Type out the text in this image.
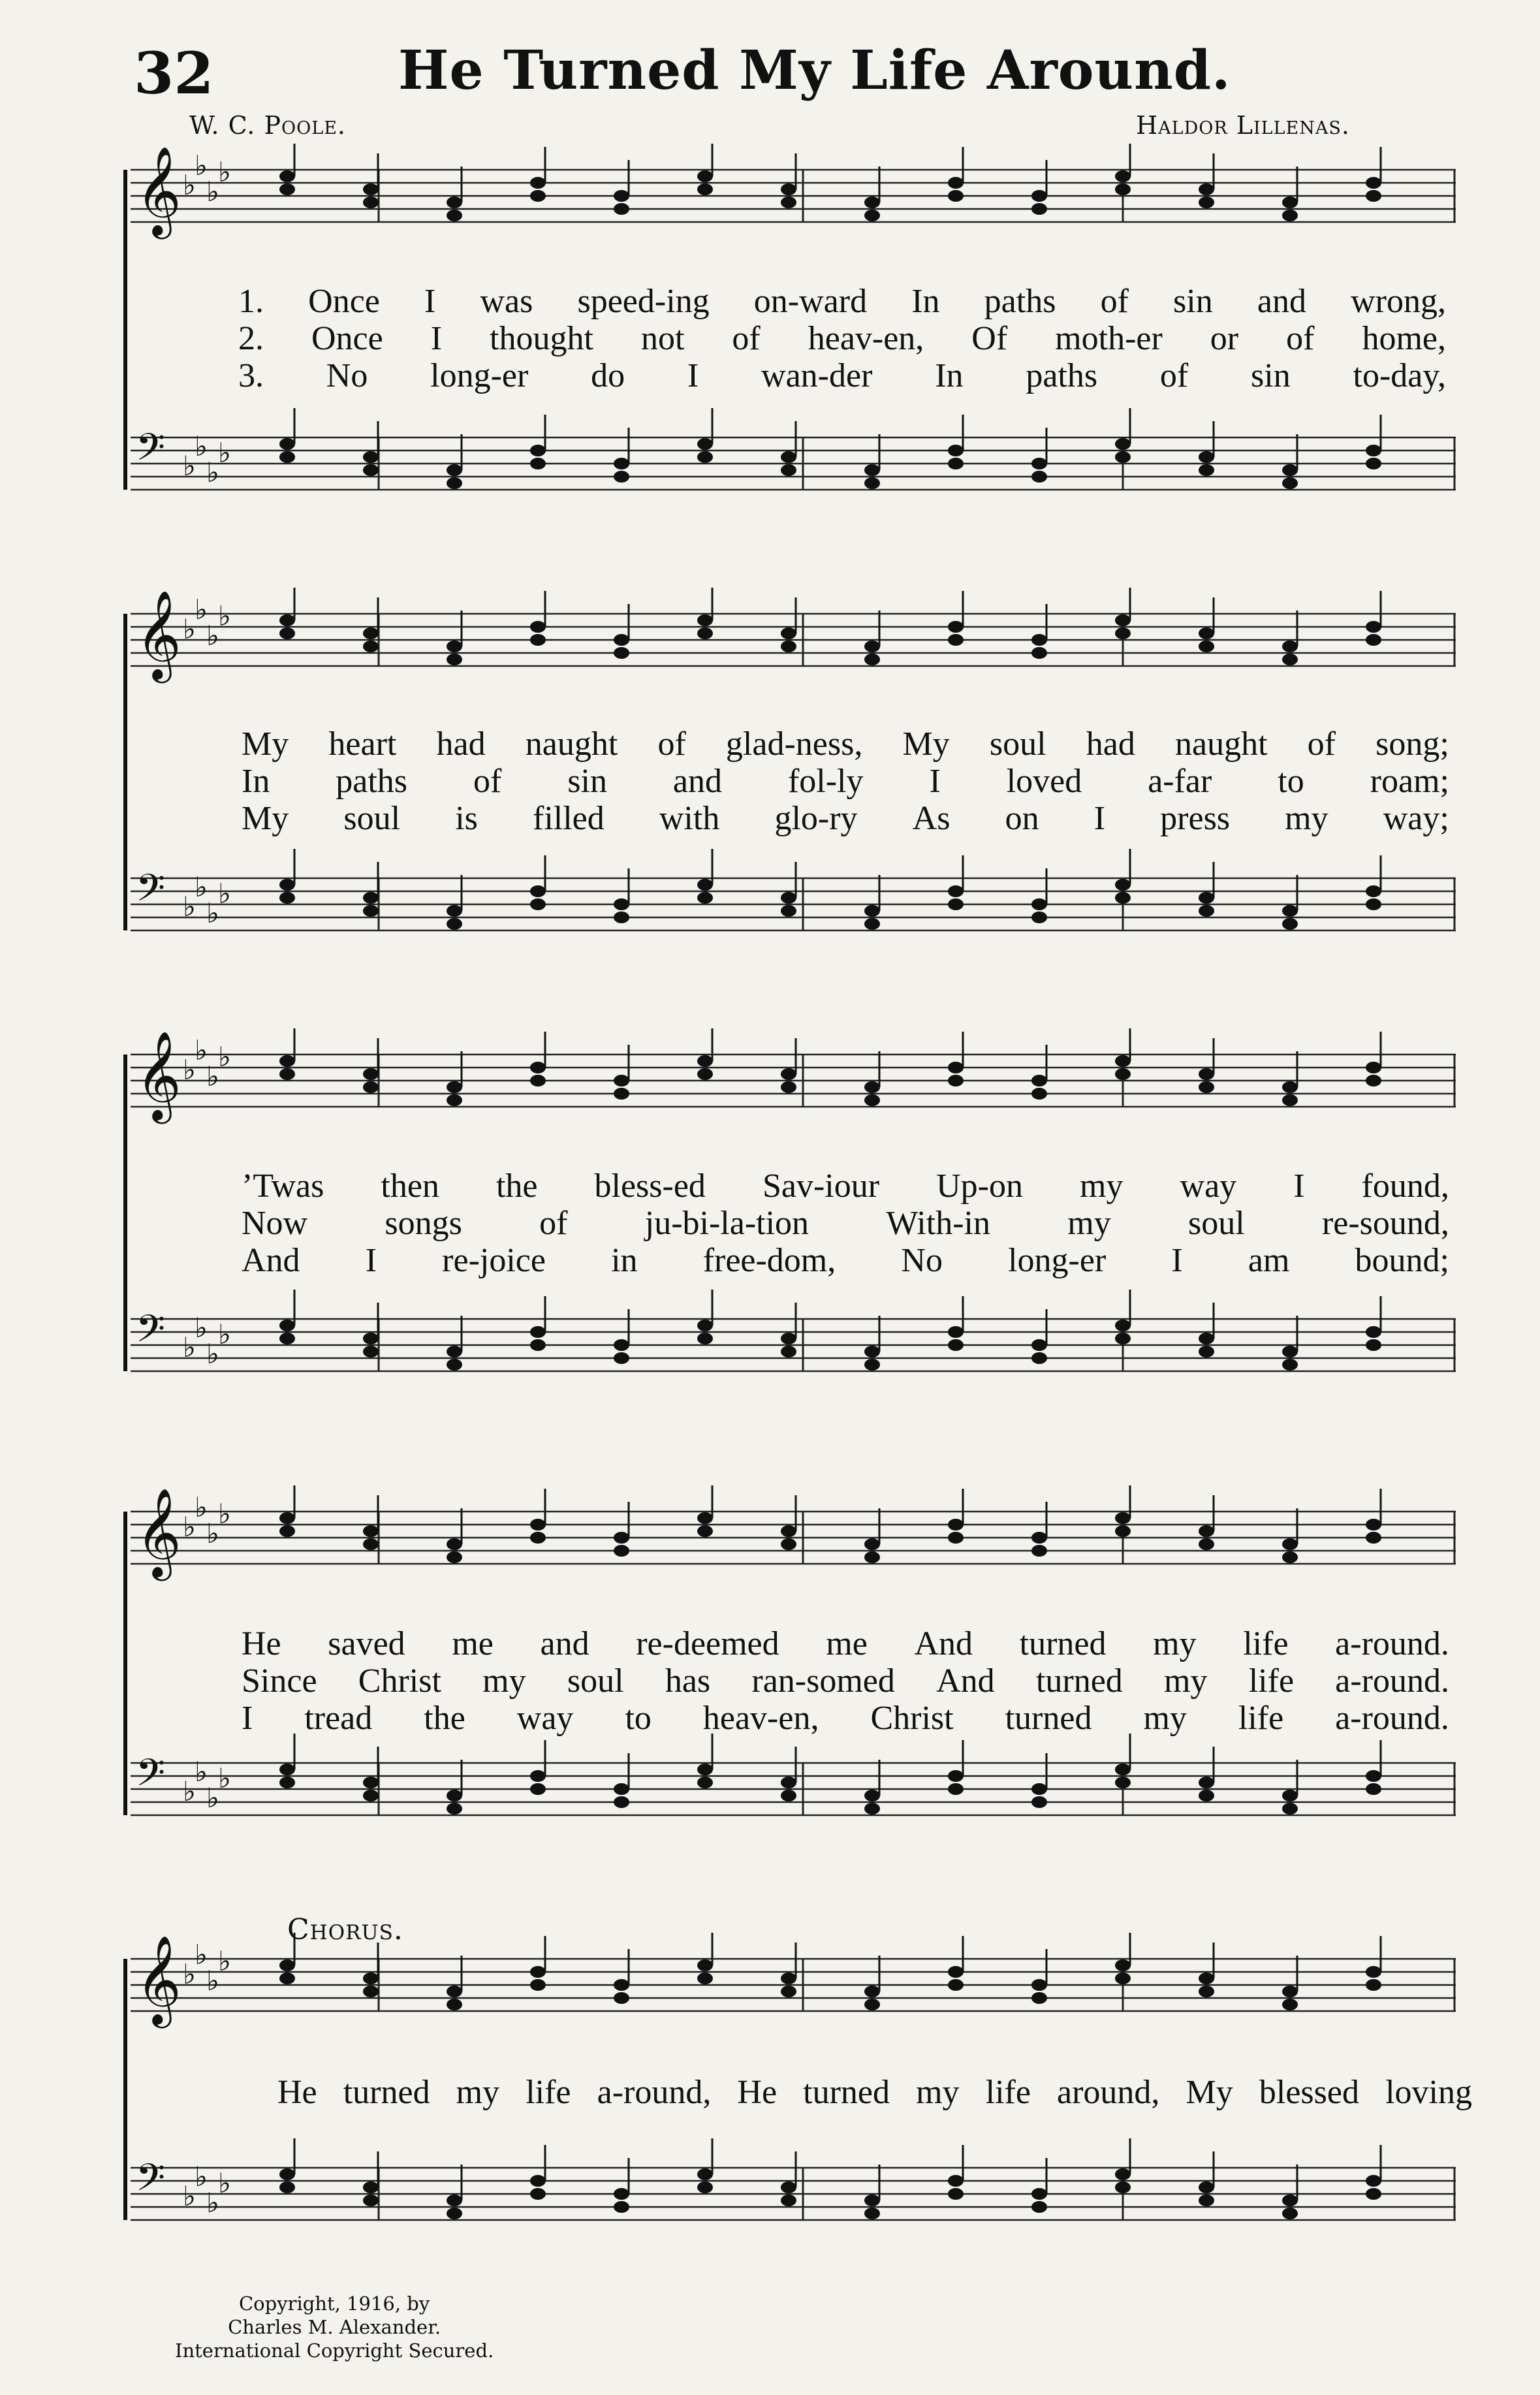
32	He Turned My Life Around.
W. C. Poole.	Haldor Lillenas.
𝄞 ♭
♭
♭
♭
𝄢 ♭
♭
♭
♭
1. Once I was speed-ing on-ward In paths of sin and wrong,
2. Once I thought not of heav-en, Of moth-er or of home,
3. No long-er do I wan-der In paths of sin to-day,
𝄞 ♭
♭
♭
♭
𝄢 ♭
♭
♭
♭
My heart had naught of glad-ness, My soul had naught of song;
In paths of sin and fol-ly I loved a-far to roam;
My soul is filled with glo-ry As on I press my way;
𝄞 ♭
♭
♭
♭
𝄢 ♭
♭
♭
♭
’Twas then the bless-ed Sav-iour Up-on my way I found,
Now songs of ju-bi-la-tion With-in my soul re-sound,
And I re-joice in free-dom, No long-er I am bound;
𝄞 ♭
♭
♭
♭
𝄢 ♭
♭
♭
♭
He saved me and re-deemed me And turned my life a-round.
Since Christ my soul has ran-somed And turned my life a-round.
I tread the way to heav-en, Christ turned my life a-round.
𝄞 ♭
♭
♭
♭
𝄢 ♭
♭
♭
♭
He turned my life a-round, He turned my life around, My blessed loving
Chorus.
Copyright, 1916, by
Charles M. Alexander.
International Copyright Secured.
